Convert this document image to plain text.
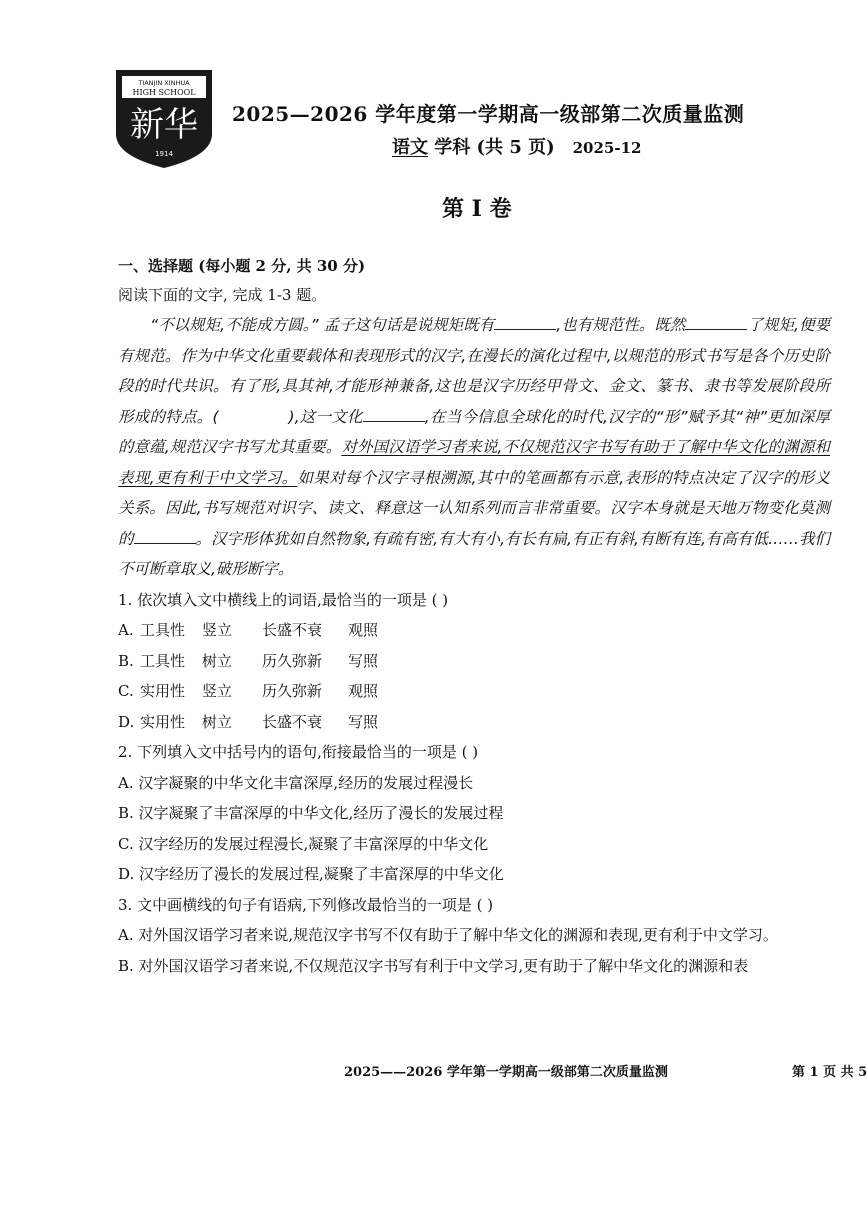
TIANJIN XINHUA
HIGH SCHOOL
新华
1914
2025—2026 学年度第一学期高一级部第二次质量监测
语文 学科 (共 5 页) 2025-12
第 I 卷
一、选择题 (每小题 2 分, 共 30 分)
阅读下面的文字, 完成 1-3 题。

“不以规矩,不能成方圆。” 孟子这句话是说规矩既有	,也有规范性。既然	了规矩,便要有规范。作为中华文化重要载体和表现形式的汉字,在漫长的演化过程中,以规范的形式书写是各个历史阶段的时代共识。有了形,具其神,才能形神兼备,这也是汉字历经甲骨文、金文、篆书、隶书等发展阶段所形成的特点。(	),这一文化	,在当今信息全球化的时代,汉字的“形”赋予其“神”更加深厚的意蕴,规范汉字书写尤其重要。对外国汉语学习者来说,不仅规范汉字书写有助于了解中华文化的渊源和表现,更有利于中文学习。如果对每个汉字寻根溯源,其中的笔画都有示意,表形的特点决定了汉字的形义关系。因此,书写规范对识字、读文、释意这一认知系列而言非常重要。汉字本身就是天地万物变化莫测的	。汉字形体犹如自然物象,有疏有密,有大有小,有长有扁,有正有斜,有断有连,有高有低……我们不可断章取义,破形断字。

1. 依次填入文中横线上的词语,最恰当的一项是 ( )
A. 工具性 竖立 长盛不衰 观照
B. 工具性 树立 历久弥新 写照
C. 实用性 竖立 历久弥新 观照
D. 实用性 树立 长盛不衰 写照
2. 下列填入文中括号内的语句,衔接最恰当的一项是 ( )
A. 汉字凝聚的中华文化丰富深厚,经历的发展过程漫长
B. 汉字凝聚了丰富深厚的中华文化,经历了漫长的发展过程
C. 汉字经历的发展过程漫长,凝聚了丰富深厚的中华文化
D. 汉字经历了漫长的发展过程,凝聚了丰富深厚的中华文化
3. 文中画横线的句子有语病,下列修改最恰当的一项是 ( )
A. 对外国汉语学习者来说,规范汉字书写不仅有助于了解中华文化的渊源和表现,更有利于中文学习。
B. 对外国汉语学习者来说,不仅规范汉字书写有利于中文学习,更有助于了解中华文化的渊源和表
2025——2026 学年第一学期高一级部第二次质量监测	第 1 页 共 5
